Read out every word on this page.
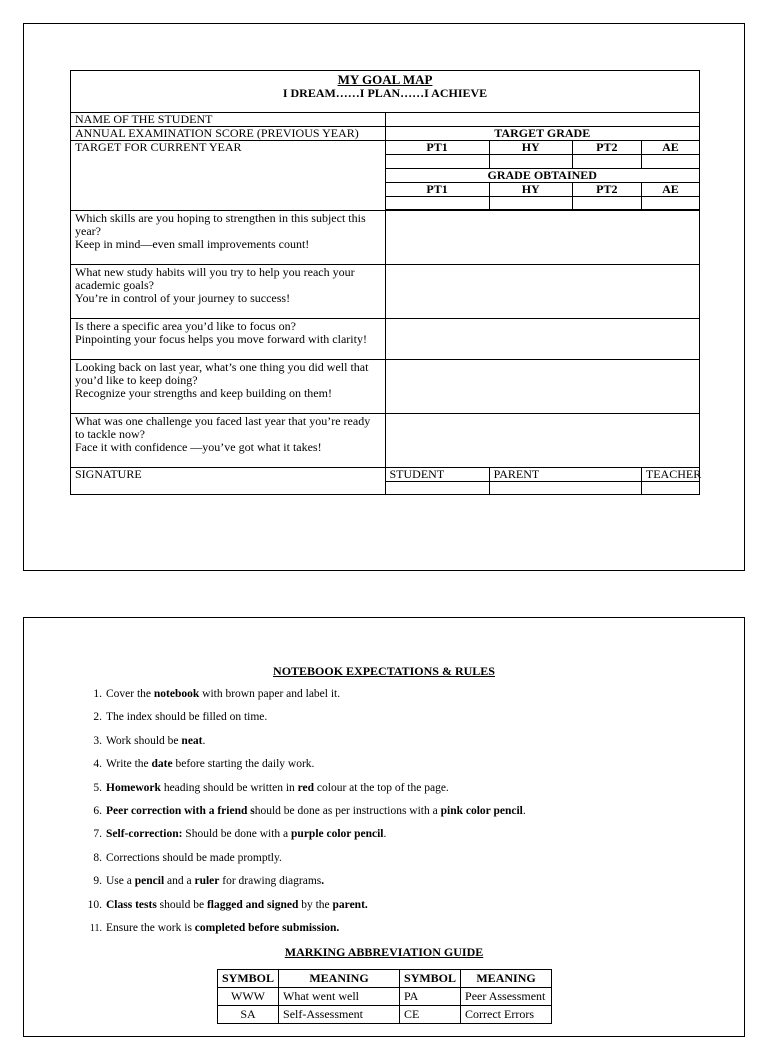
MY GOAL MAP
I DREAM……I PLAN……I ACHIEVE				

NAME OF THE STUDENT				
ANNUAL EXAMINATION SCORE (PREVIOUS YEAR)	TARGET GRADE			
TARGET FOR CURRENT YEAR	PT1	HY	PT2	AE

	GRADE OBTAINED			
	PT1	HY	PT2	AE

Which skills are you hoping to strengthen in this subject this year?
Keep in mind—even small improvements count!				

What new study habits will you try to help you reach your academic goals?
You’re in control of your journey to success!				

Is there a specific area you’d like to focus on?
Pinpointing your focus helps you move forward with clarity!				

Looking back on last year, what’s one thing you did well that you’d like to keep doing?
Recognize your strengths and keep building on them!				

What was one challenge you faced last year that you’re ready to tackle now?
Face it with confidence —you’ve got what it takes!				

SIGNATURE	STUDENT	PARENT		TEACHER

NOTEBOOK EXPECTATIONS & RULES
1. Cover the notebook with brown paper and label it.
2. The index should be filled on time.
3. Work should be neat.
4. Write the date before starting the daily work.
5. Homework heading should be written in red colour at the top of the page.
6. Peer correction with a friend should be done as per instructions with a pink color pencil.
7. Self-correction: Should be done with a purple color pencil.
8. Corrections should be made promptly.
9. Use a pencil and a ruler for drawing diagrams.
10. Class tests should be flagged and signed by the parent.
11. Ensure the work is completed before submission.
MARKING ABBREVIATION GUIDE
SYMBOL	MEANING	SYMBOL	MEANING
WWW	What went well	PA	Peer Assessment
SA	Self-Assessment	CE	Correct Errors
